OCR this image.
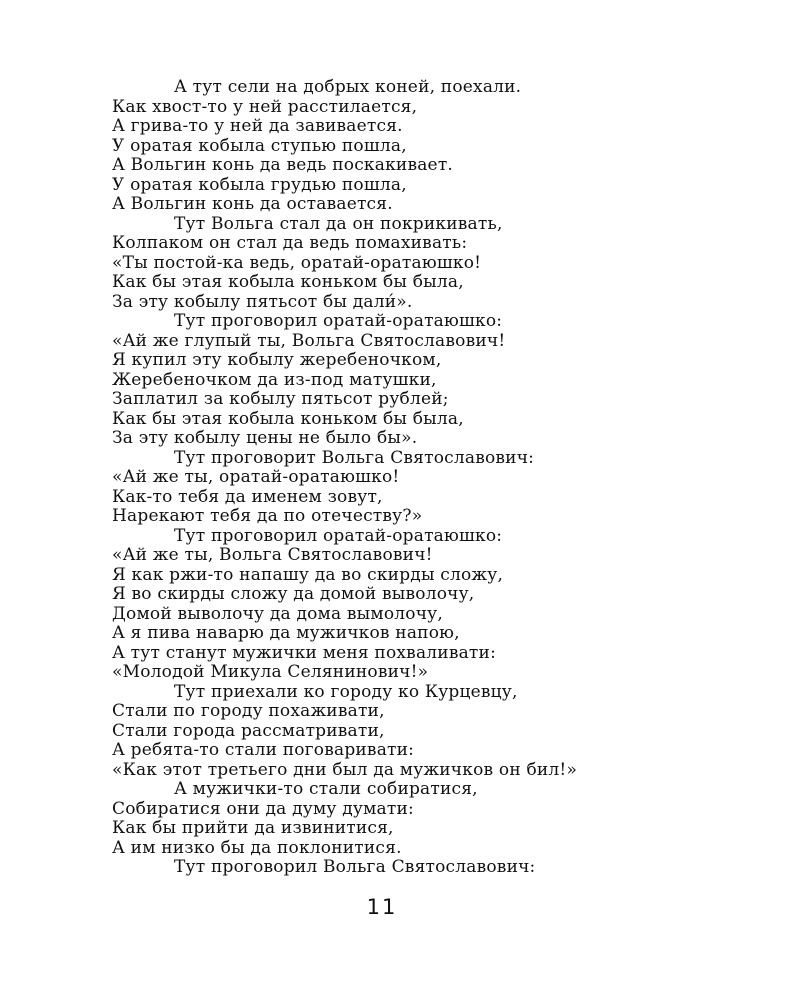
А тут сели на добрых коней, поехали.
Как хвост-то у ней расстилается,
А грива-то у ней да завивается.
У оратая кобыла ступью пошла,
А Вольгин конь да ведь поскакивает.
У оратая кобыла грудью пошла,
А Вольгин конь да оставается.
Тут Вольга стал да он покрикивать,
Колпаком он стал да ведь помахивать:
«Ты постой-ка ведь, оратай-оратаюшко!
Как бы этая кобыла коньком бы была,
За эту кобылу пятьсот бы дали́».
Тут проговорил оратай-оратаюшко:
«Ай же глупый ты, Вольга Святославович!
Я купил эту кобылу жеребеночком,
Жеребеночком да из-под матушки,
Заплатил за кобылу пятьсот рублей;
Как бы этая кобыла коньком бы была,
За эту кобылу цены не было бы».
Тут проговорит Вольга Святославович:
«Ай же ты, оратай-оратаюшко!
Как-то тебя да именем зовут,
Нарекают тебя да по отечеству?»
Тут проговорил оратай-оратаюшко:
«Ай же ты, Вольга Святославович!
Я как ржи-то напашу да во скирды сложу,
Я во скирды сложу да домой выволочу,
Домой выволочу да дома вымолочу,
А я пива наварю да мужичков напою,
А тут станут мужички меня похваливати:
«Молодой Микула Селянинович!»
Тут приехали ко городу ко Курцевцу,
Стали по городу похаживати,
Стали города рассматривати,
А ребята-то стали поговаривати:
«Как этот третьего дни был да мужичков он бил!»
А мужички-то стали собиратися,
Собиратися они да думу думати:
Как бы прийти да извинитися,
А им низко бы да поклонитися.
Тут проговорил Вольга Святославович:
11
